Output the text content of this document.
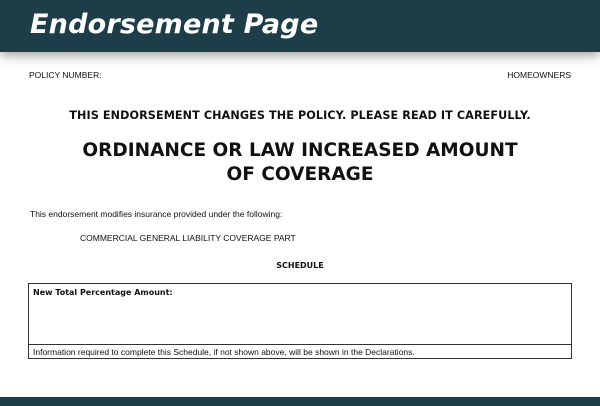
Endorsement Page
POLICY NUMBER:	HOMEOWNERS
THIS ENDORSEMENT CHANGES THE POLICY. PLEASE READ IT CAREFULLY.
ORDINANCE OR LAW INCREASED AMOUNT
OF COVERAGE
This endorsement modifies insurance provided under the following:
COMMERCIAL GENERAL LIABILITY COVERAGE PART
SCHEDULE
New Total Percentage Amount:
Information required to complete this Schedule, if not shown above, will be shown in the Declarations.
